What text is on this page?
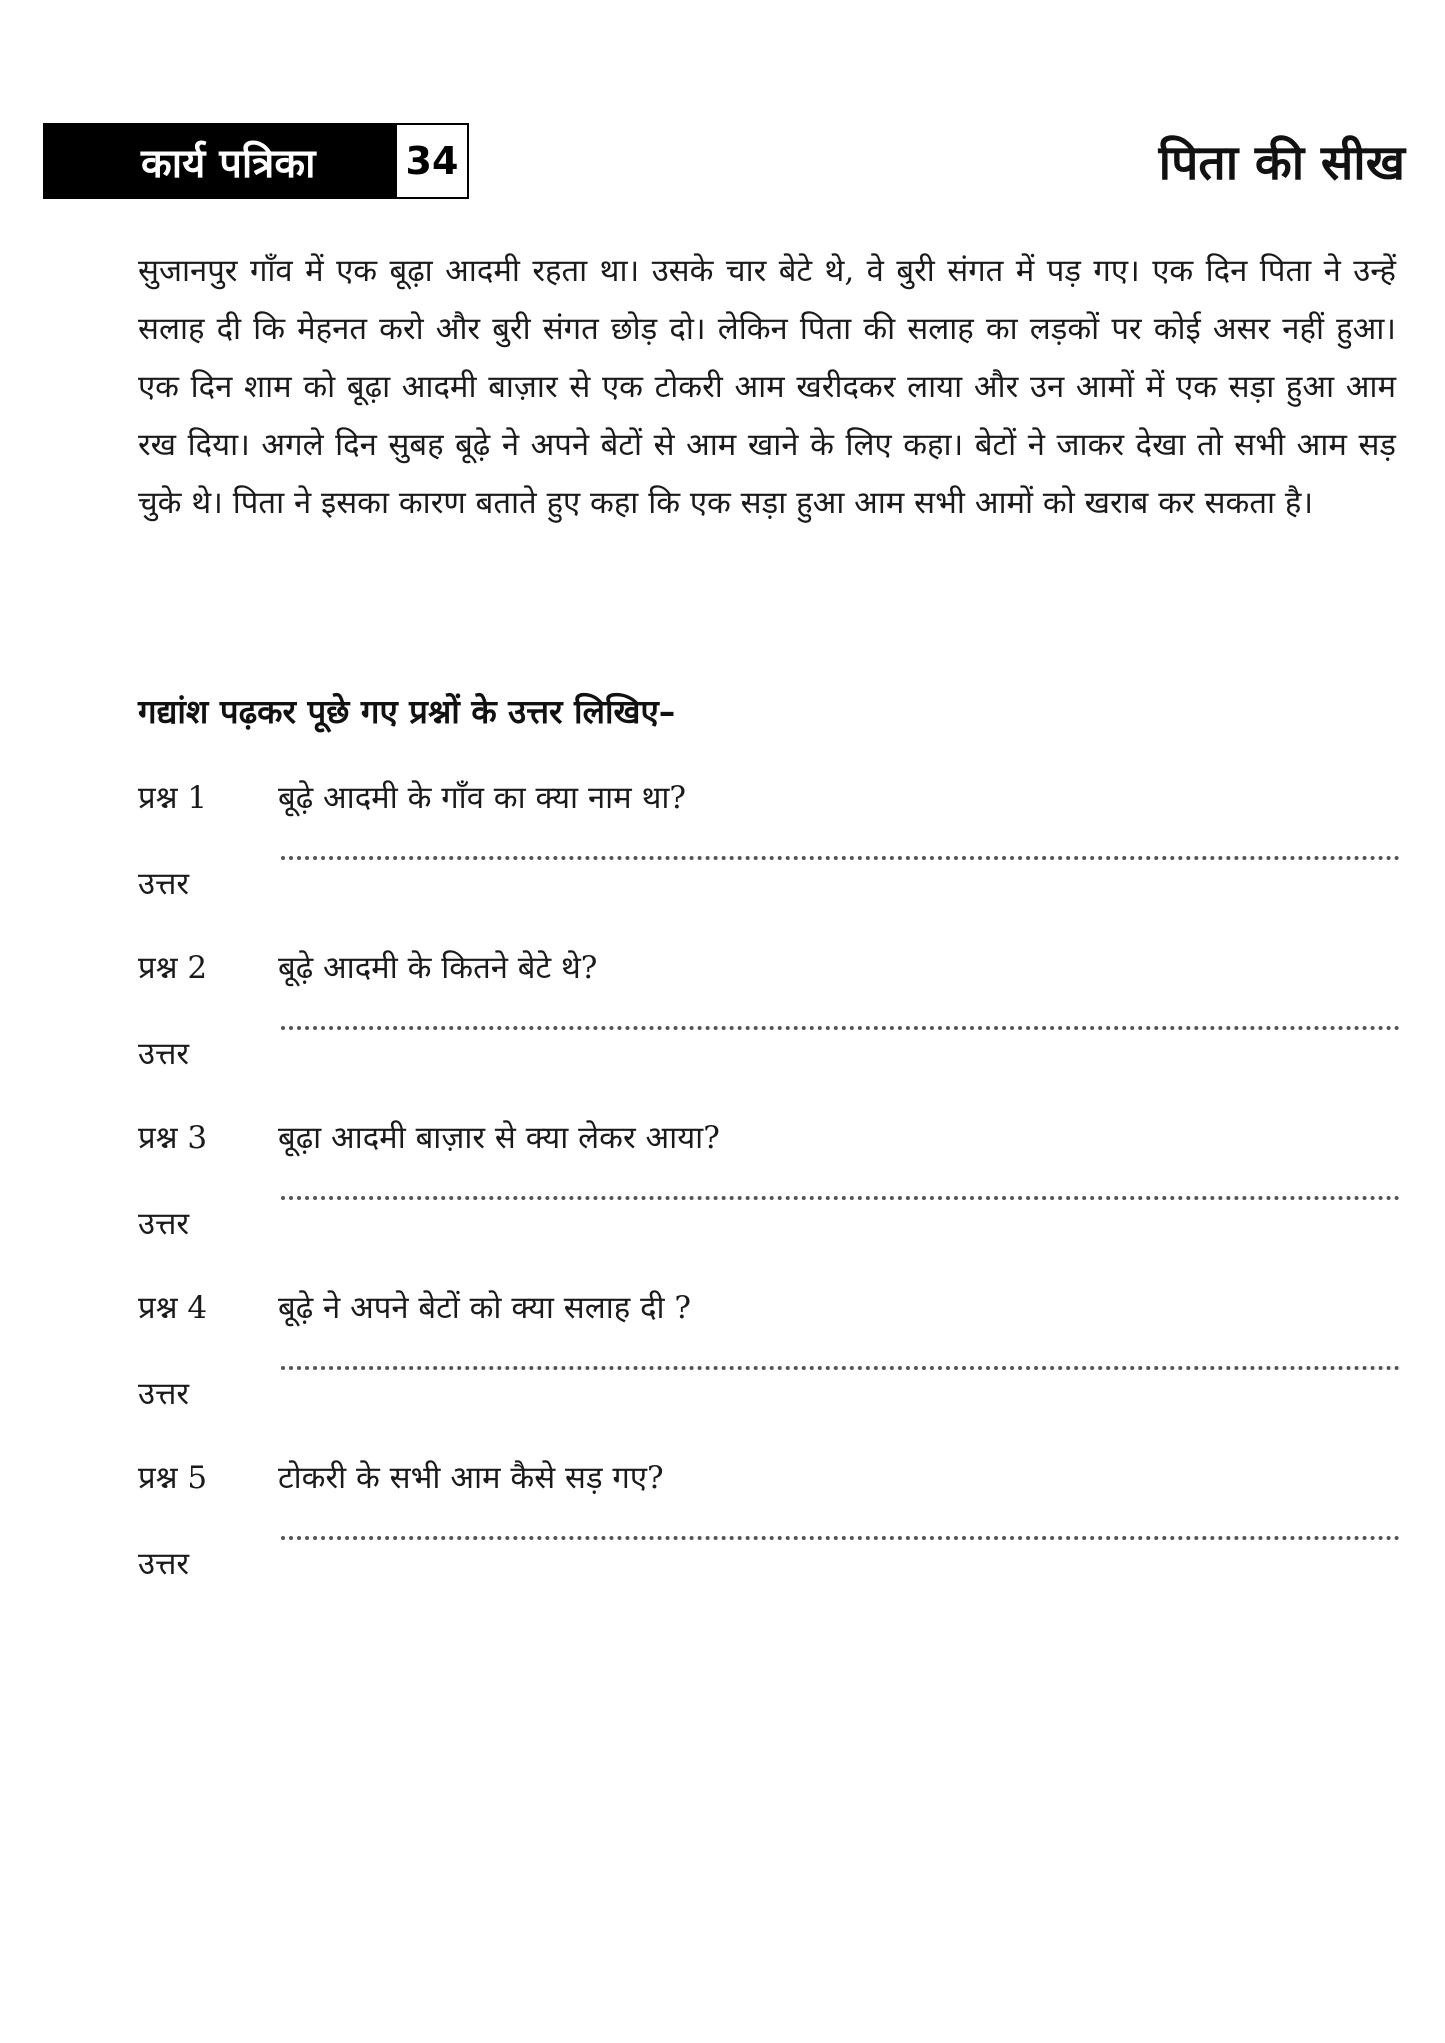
कार्य पत्रिका	34	पिता की सीख
सुजानपुर गाँव में एक बूढ़ा आदमी रहता था। उसके चार बेटे थे, वे बुरी संगत में पड़ गए। एक दिन पिता ने उन्हें सलाह दी कि मेहनत करो और बुरी संगत छोड़ दो। लेकिन पिता की सलाह का लड़कों पर कोई असर नहीं हुआ। एक दिन शाम को बूढ़ा आदमी बाज़ार से एक टोकरी आम खरीदकर लाया और उन आमों में एक सड़ा हुआ आम रख दिया। अगले दिन सुबह बूढ़े ने अपने बेटों से आम खाने के लिए कहा। बेटों ने जाकर देखा तो सभी आम सड़ चुके थे। पिता ने इसका कारण बताते हुए कहा कि एक सड़ा हुआ आम सभी आमों को खराब कर सकता है।
गद्यांश पढ़कर पूछे गए प्रश्नों के उत्तर लिखिए–
प्रश्न 1 बूढ़े आदमी के गाँव का क्या नाम था?
उत्तर
प्रश्न 2 बूढ़े आदमी के कितने बेटे थे?
उत्तर
प्रश्न 3 बूढ़ा आदमी बाज़ार से क्या लेकर आया?
उत्तर
प्रश्न 4 बूढ़े ने अपने बेटों को क्या सलाह दी ?
उत्तर
प्रश्न 5 टोकरी के सभी आम कैसे सड़ गए?
उत्तर
